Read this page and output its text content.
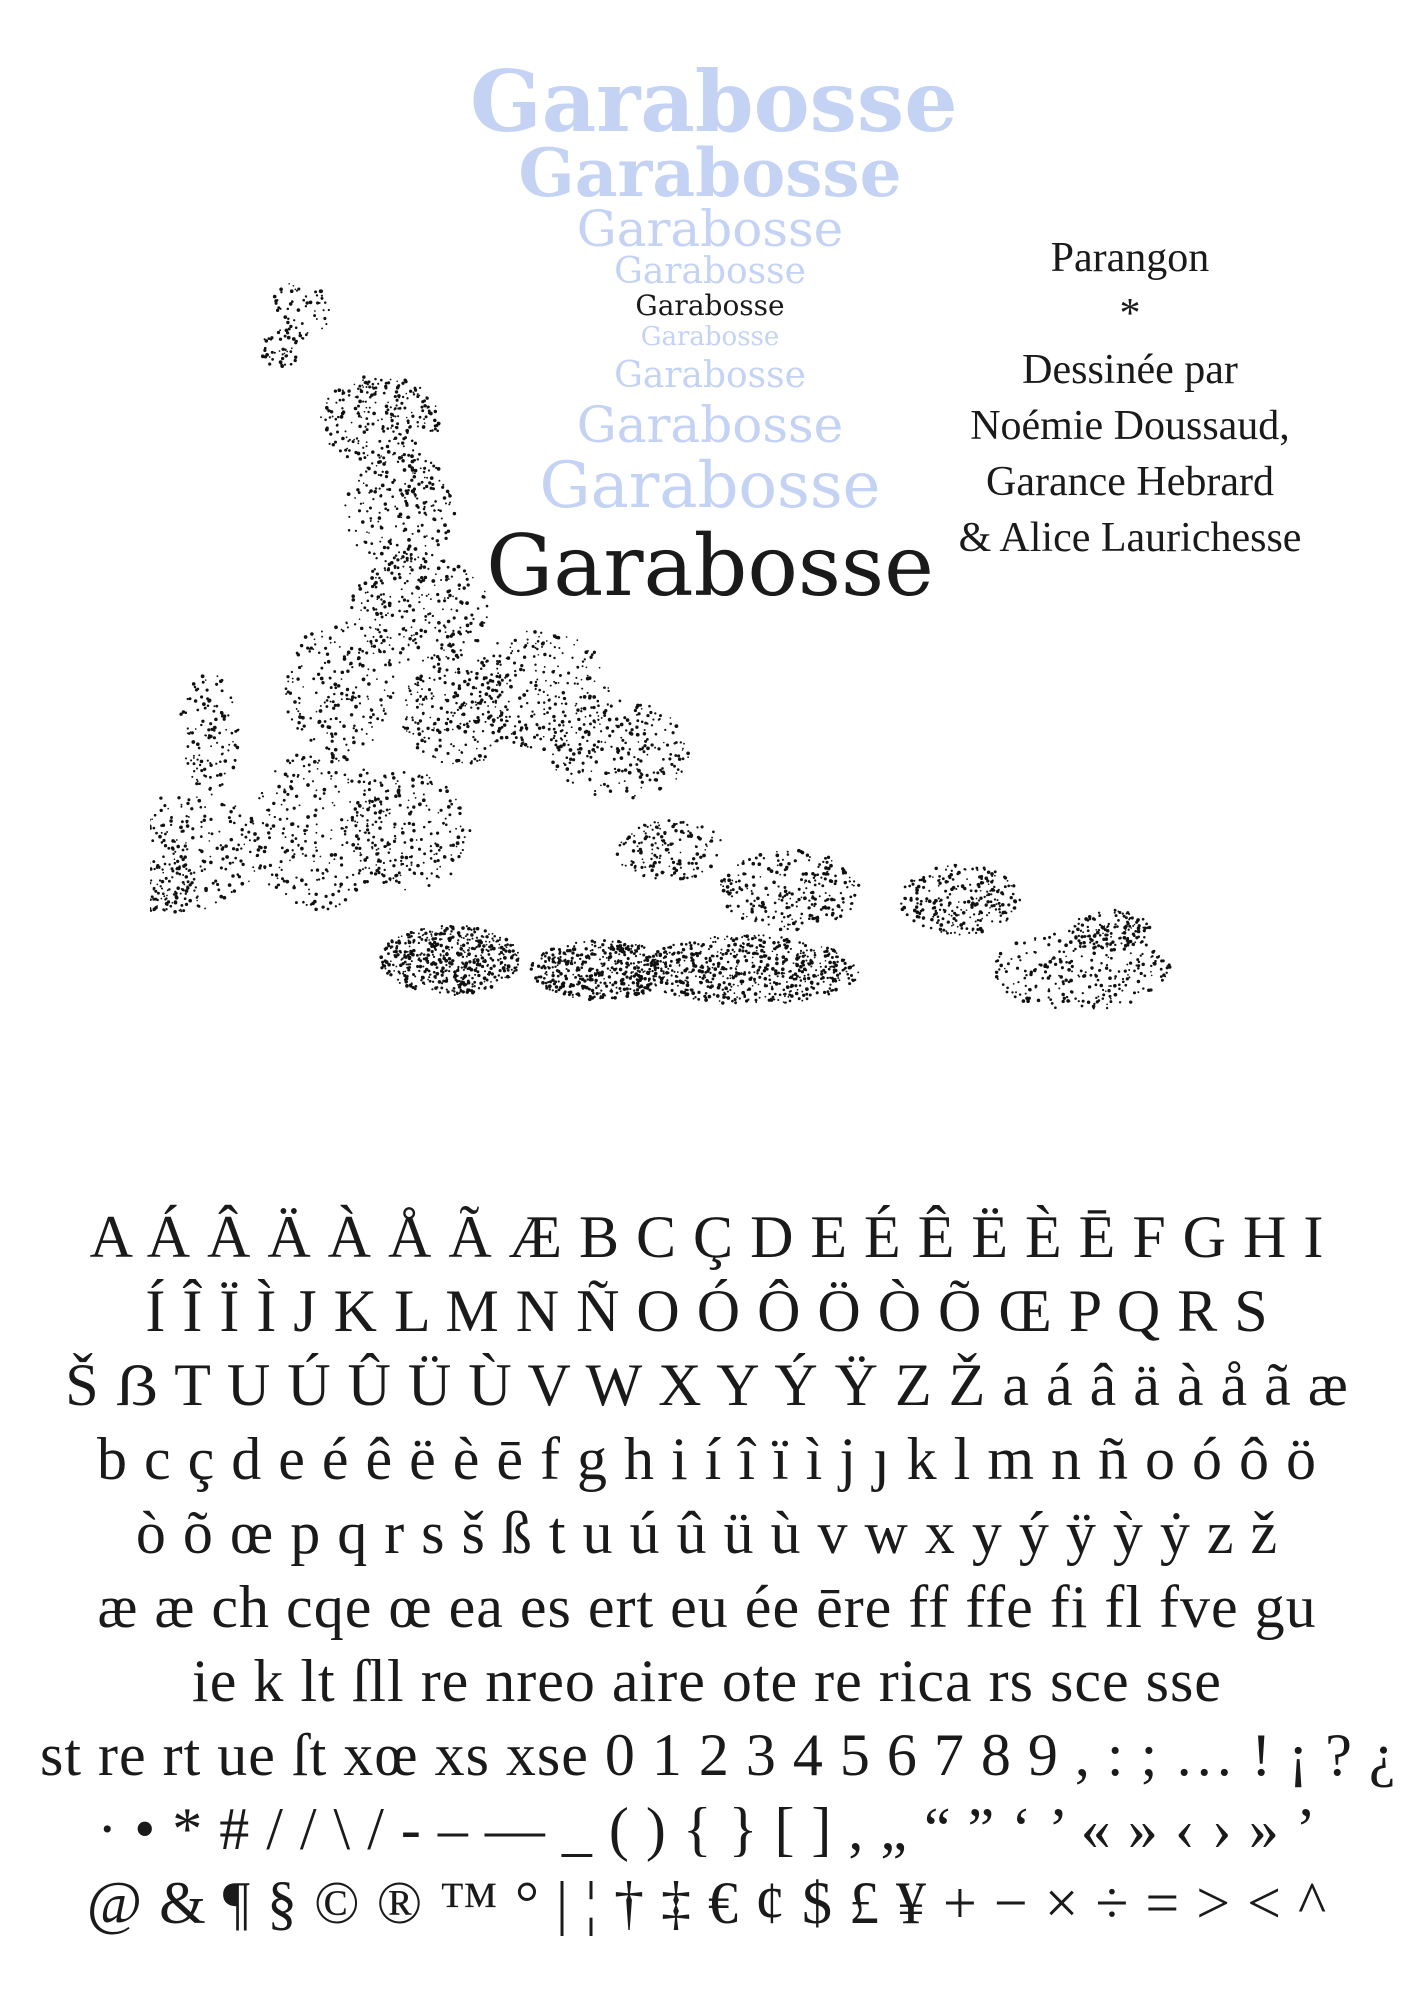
Garabosse
Garabosse
Garabosse
Garabosse
Garabosse
Garabosse
Garabosse
Garabosse
Garabosse
Garabosse
Parangon
*
Dessinée par
Noémie Doussaud,
Garance Hebrard
& Alice Laurichesse
A Á Â Ä À Å Ã Æ B C Ç D E É Ê Ë È Ē F G H I
Í Î Ï Ì J K L M N Ñ O Ó Ô Ö Ò Õ Œ P Q R S
Š ẞ T U Ú Û Ü Ù V W X Y Ý Ÿ Z Ž a á â ä à å ã æ
b c ç d e é ê ë è ē f g h i í î ï ì j ȷ k l m n ñ o ó ô ö
ò õ œ p q r s š ß t u ú û ü ù v w x y ý ÿ ỳ ẏ z ž
æ æ ch cqe œ ea es ert eu ée ēre ff ffe fi fl fve gu
ie k lt ſll re nreo aire ote re rica rs sce sse
st re rt ue ſt xœ xs xse 0 1 2 3 4 5 6 7 8 9 , : ; … ! ¡ ? ¿
· • * # / / \ / ‐ – — _ ( ) { } [ ] , „ “ ” ‘ ’ « » ‹ › » ’
@ & ¶ § © ® ™ ° | ¦ † ‡ € ¢ $ £ ¥ + − × ÷ = > < ^
